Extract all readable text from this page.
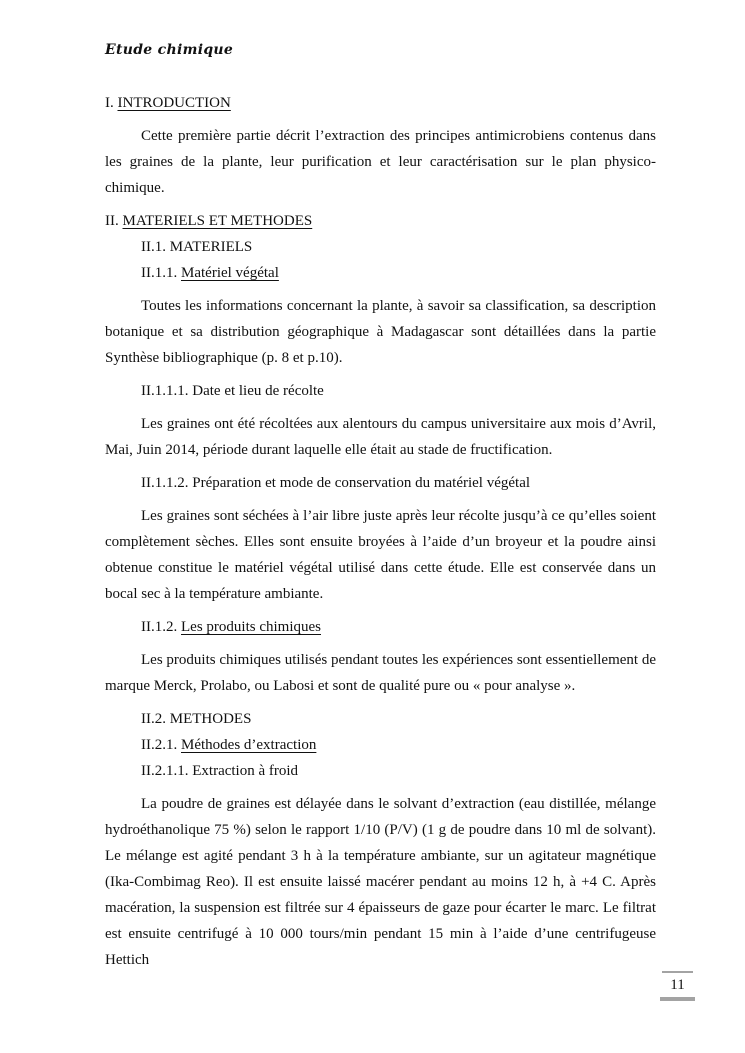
Etude chimique
I. INTRODUCTION

Cette première partie décrit l’extraction des principes antimicrobiens contenus dans les graines de la plante, leur purification et leur caractérisation sur le plan physico-chimique.

II. MATERIELS ET METHODES
II.1. MATERIELS
II.1.1. Matériel végétal

Toutes les informations concernant la plante, à savoir sa classification, sa description botanique et sa distribution géographique à Madagascar sont détaillées dans la partie Synthèse bibliographique (p. 8 et p.10).

II.1.1.1. Date et lieu de récolte

Les graines ont été récoltées aux alentours du campus universitaire aux mois d’Avril, Mai, Juin 2014, période durant laquelle elle était au stade de fructification.

II.1.1.2. Préparation et mode de conservation du matériel végétal

Les graines sont séchées à l’air libre juste après leur récolte jusqu’à ce qu’elles soient complètement sèches. Elles sont ensuite broyées à l’aide d’un broyeur et la poudre ainsi obtenue constitue le matériel végétal utilisé dans cette étude. Elle est conservée dans un bocal sec à la température ambiante.

II.1.2. Les produits chimiques

Les produits chimiques utilisés pendant toutes les expériences sont essentiellement de marque Merck, Prolabo, ou Labosi et sont de qualité pure ou « pour analyse ».

II.2. METHODES
II.2.1. Méthodes d’extraction
II.2.1.1. Extraction à froid

La poudre de graines est délayée dans le solvant d’extraction (eau distillée, mélange hydroéthanolique 75 %) selon le rapport 1/10 (P/V) (1 g de poudre dans 10 ml de solvant). Le mélange est agité pendant 3 h à la température ambiante, sur un agitateur magnétique (Ika-Combimag Reo). Il est ensuite laissé macérer pendant au moins 12 h, à +4 C. Après macération, la suspension est filtrée sur 4 épaisseurs de gaze pour écarter le marc. Le filtrat est ensuite centrifugé à 10 000 tours/min pendant 15 min à l’aide d’une centrifugeuse Hettich

11
